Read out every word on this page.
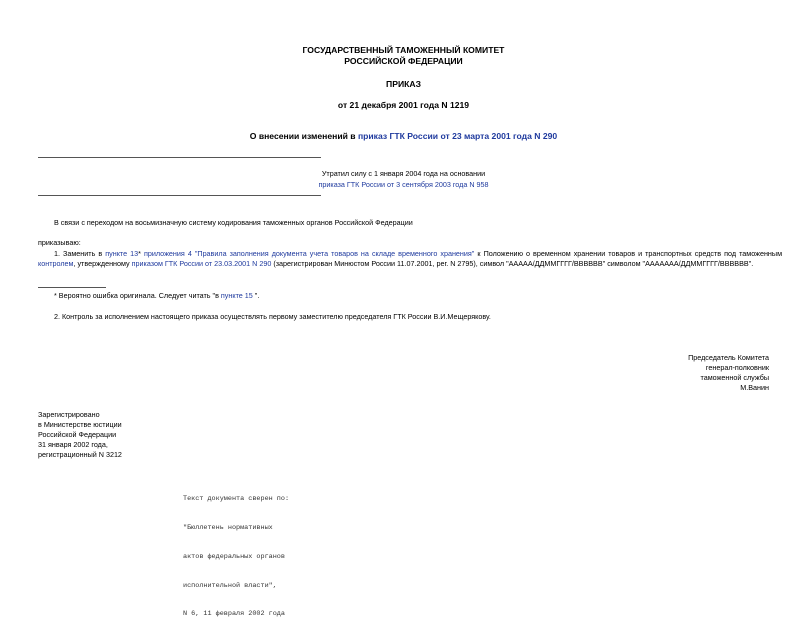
ГОСУДАРСТВЕННЫЙ ТАМОЖЕННЫЙ КОМИТЕТ
РОССИЙСКОЙ ФЕДЕРАЦИИ
ПРИКАЗ
от 21 декабря 2001 года N 1219
О внесении изменений в приказ ГТК России от 23 марта 2001 года N 290
Утратил силу с 1 января 2004 года на основании
приказа ГТК России от 3 сентября 2003 года N 958
В связи с переходом на восьмизначную систему кодирования таможенных органов Российской Федерации
приказываю:
1. Заменить в пункте 13* приложения 4 "Правила заполнения документа учета товаров на складе временного хранения" к Положению о временном хранении товаров и транспортных средств под таможенным контролем, утвержденному приказом ГТК России от 23.03.2001 N 290 (зарегистрирован Минюстом России 11.07.2001, рег. N 2795), символ "ААААА/ДДММГГГГ/ВВВВВВ" символом "ААААААА/ДДММГГГГ/ВВВВВВ".
* Вероятно ошибка оригинала. Следует читать "в пункте 15 ".
2. Контроль за исполнением настоящего приказа осуществлять первому заместителю председателя ГТК России В.И.Мещерякову.
Председатель Комитета
генерал-полковник
таможенной службы
М.Ванин
Зарегистрировано
в Министерстве юстиции
Российской Федерации
31 января 2002 года,
регистрационный N 3212

Текст документа сверен по:

"Бюллетень нормативных

актов федеральных органов

исполнительной власти",

N 6, 11 февраля 2002 года
